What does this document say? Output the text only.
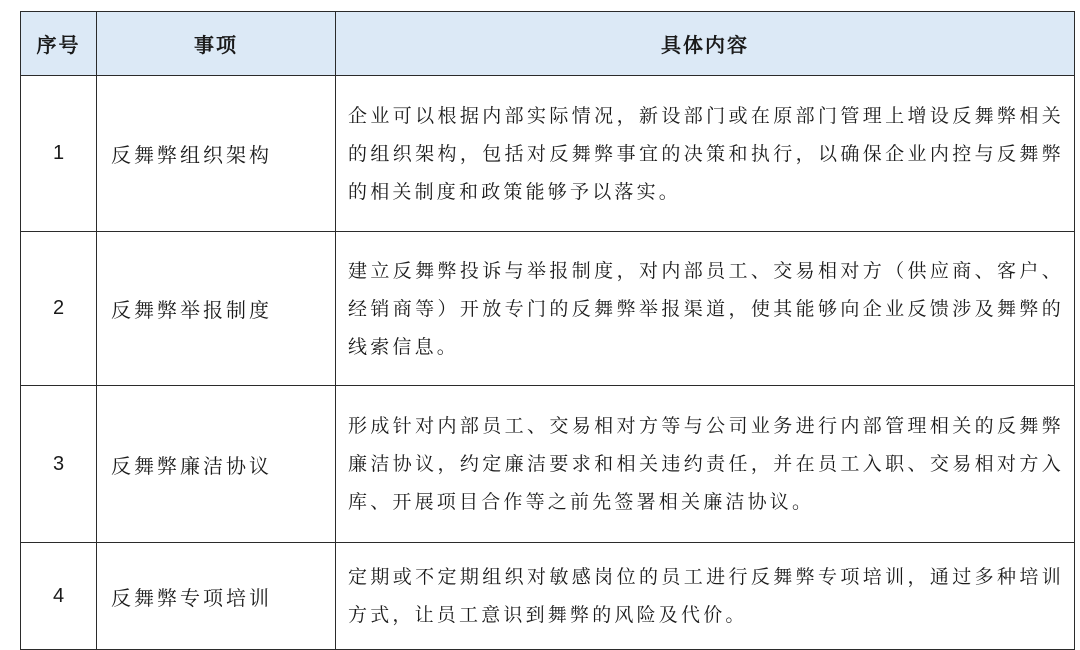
序号	事项	具体内容
1	反舞弊组织架构	企业可以根据内部实际情况，新设部门或在原部门管理上增设反舞弊相关的组织架构，包括对反舞弊事宜的决策和执行，以确保企业内控与反舞弊的相关制度和政策能够予以落实。
2	反舞弊举报制度	建立反舞弊投诉与举报制度，对内部员工、交易相对方（供应商、客户、经销商等）开放专门的反舞弊举报渠道，使其能够向企业反馈涉及舞弊的线索信息。
3	反舞弊廉洁协议	形成针对内部员工、交易相对方等与公司业务进行内部管理相关的反舞弊廉洁协议，约定廉洁要求和相关违约责任，并在员工入职、交易相对方入库、开展项目合作等之前先签署相关廉洁协议。
4	反舞弊专项培训	定期或不定期组织对敏感岗位的员工进行反舞弊专项培训，通过多种培训方式，让员工意识到舞弊的风险及代价。
